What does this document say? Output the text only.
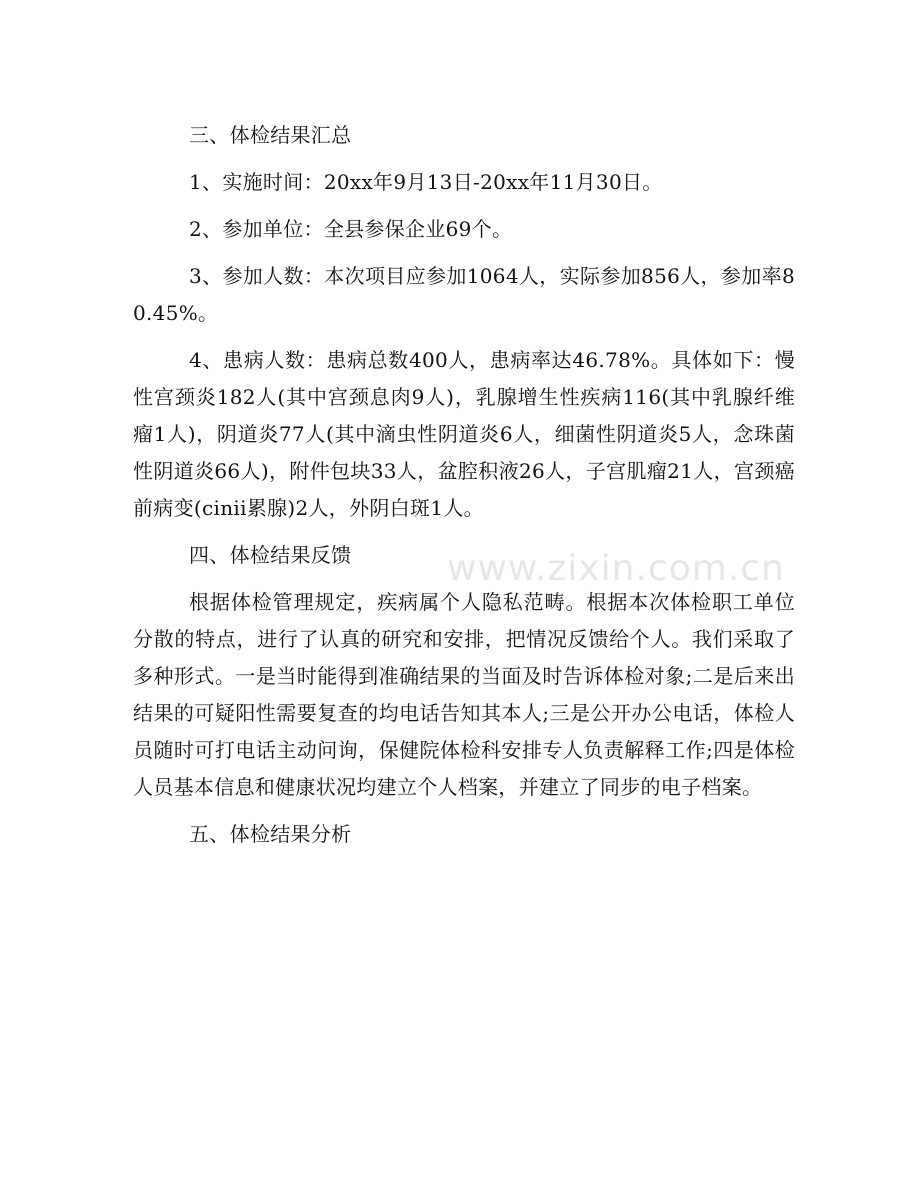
三、体检结果汇总

1、实施时间：20xx年9月13日-20xx年11月30日。

2、参加单位：全县参保企业69个。

3、参加人数：本次项目应参加1064人，实际参加856人，参加率80.45%。

4、患病人数：患病总数400人，患病率达46.78%。具体如下：慢性宫颈炎182人(其中宫颈息肉9人)，乳腺增生性疾病116(其中乳腺纤维瘤1人)，阴道炎77人(其中滴虫性阴道炎6人，细菌性阴道炎5人，念珠菌性阴道炎66人)，附件包块33人，盆腔积液26人，子宫肌瘤21人，宫颈癌前病变(cinii累腺)2人，外阴白斑1人。

四、体检结果反馈

根据体检管理规定，疾病属个人隐私范畴。根据本次体检职工单位分散的特点，进行了认真的研究和安排，把情况反馈给个人。我们采取了多种形式。一是当时能得到准确结果的当面及时告诉体检对象;二是后来出结果的可疑阳性需要复查的均电话告知其本人;三是公开办公电话，体检人员随时可打电话主动问询，保健院体检科安排专人负责解释工作;四是体检人员基本信息和健康状况均建立个人档案，并建立了同步的电子档案。

五、体检结果分析

www.zixin.com.cn
